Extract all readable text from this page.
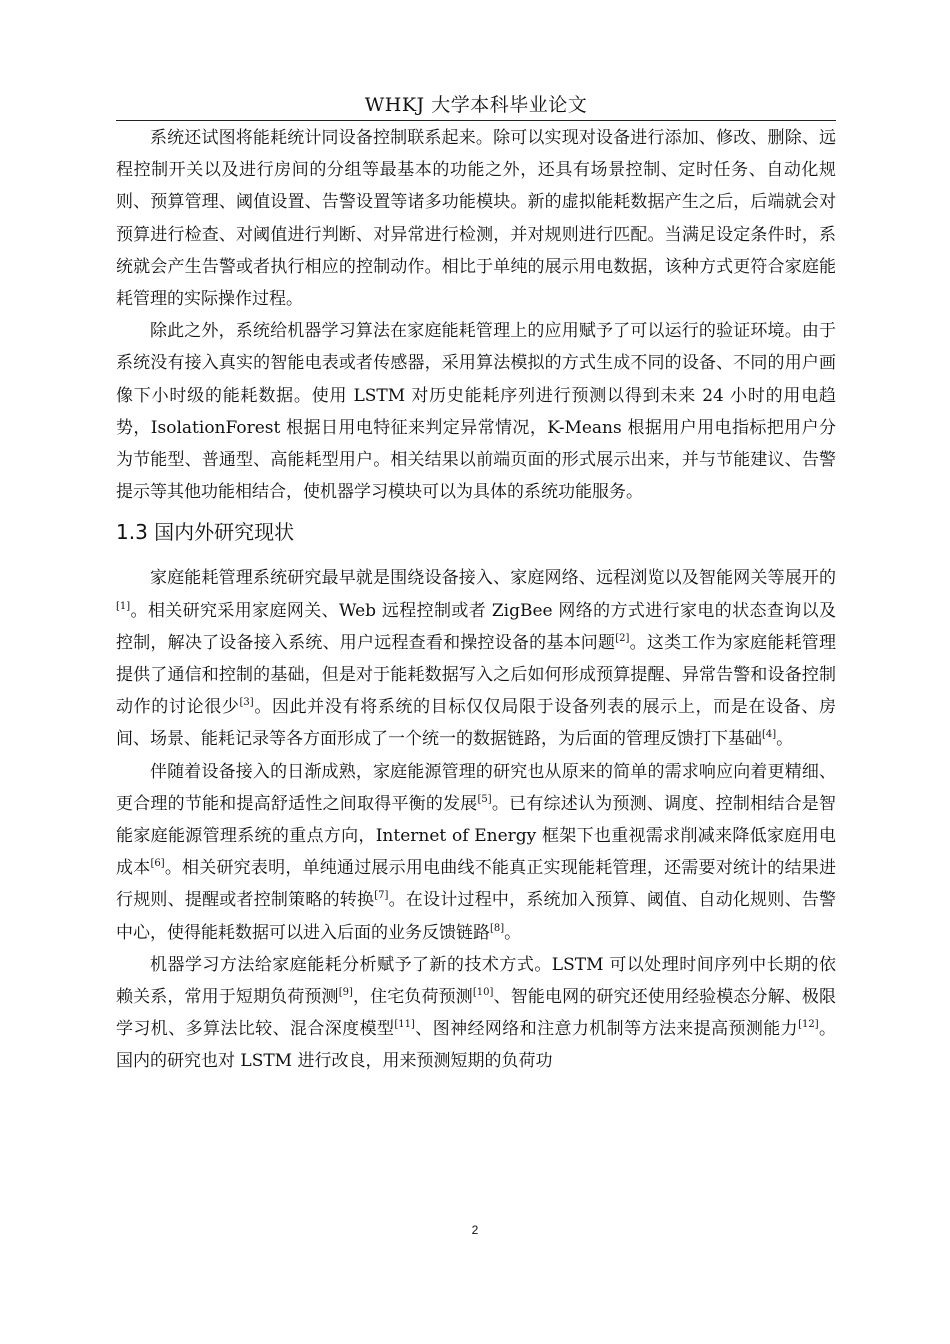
WHKJ 大学本科毕业论文

系统还试图将能耗统计同设备控制联系起来。除可以实现对设备进行添加、修改、删除、远程控制开关以及进行房间的分组等最基本的功能之外，还具有场景控制、定时任务、自动化规则、预算管理、阈值设置、告警设置等诸多功能模块。新的虚拟能耗数据产生之后，后端就会对预算进行检查、对阈值进行判断、对异常进行检测，并对规则进行匹配。当满足设定条件时，系统就会产生告警或者执行相应的控制动作。相比于单纯的展示用电数据，该种方式更符合家庭能耗管理的实际操作过程。

除此之外，系统给机器学习算法在家庭能耗管理上的应用赋予了可以运行的验证环境。由于系统没有接入真实的智能电表或者传感器，采用算法模拟的方式生成不同的设备、不同的用户画像下小时级的能耗数据。使用 LSTM 对历史能耗序列进行预测以得到未来 24 小时的用电趋势，IsolationForest 根据日用电特征来判定异常情况，K-Means 根据用户用电指标把用户分为节能型、普通型、高能耗型用户。相关结果以前端页面的形式展示出来，并与节能建议、告警提示等其他功能相结合，使机器学习模块可以为具体的系统功能服务。

1.3 国内外研究现状

家庭能耗管理系统研究最早就是围绕设备接入、家庭网络、远程浏览以及智能网关等展开的[1]。相关研究采用家庭网关、Web 远程控制或者 ZigBee 网络的方式进行家电的状态查询以及控制，解决了设备接入系统、用户远程查看和操控设备的基本问题[2]。这类工作为家庭能耗管理提供了通信和控制的基础，但是对于能耗数据写入之后如何形成预算提醒、异常告警和设备控制动作的讨论很少[3]。因此并没有将系统的目标仅仅局限于设备列表的展示上，而是在设备、房间、场景、能耗记录等各方面形成了一个统一的数据链路，为后面的管理反馈打下基础[4]。

伴随着设备接入的日渐成熟，家庭能源管理的研究也从原来的简单的需求响应向着更精细、更合理的节能和提高舒适性之间取得平衡的发展[5]。已有综述认为预测、调度、控制相结合是智能家庭能源管理系统的重点方向，Internet of Energy 框架下也重视需求削减来降低家庭用电成本[6]。相关研究表明，单纯通过展示用电曲线不能真正实现能耗管理，还需要对统计的结果进行规则、提醒或者控制策略的转换[7]。在设计过程中，系统加入预算、阈值、自动化规则、告警中心，使得能耗数据可以进入后面的业务反馈链路[8]。

机器学习方法给家庭能耗分析赋予了新的技术方式。LSTM 可以处理时间序列中长期的依赖关系，常用于短期负荷预测[9]，住宅负荷预测[10]、智能电网的研究还使用经验模态分解、极限学习机、多算法比较、混合深度模型[11]、图神经网络和注意力机制等方法来提高预测能力[12]。国内的研究也对 LSTM 进行改良，用来预测短期的负荷功

2
